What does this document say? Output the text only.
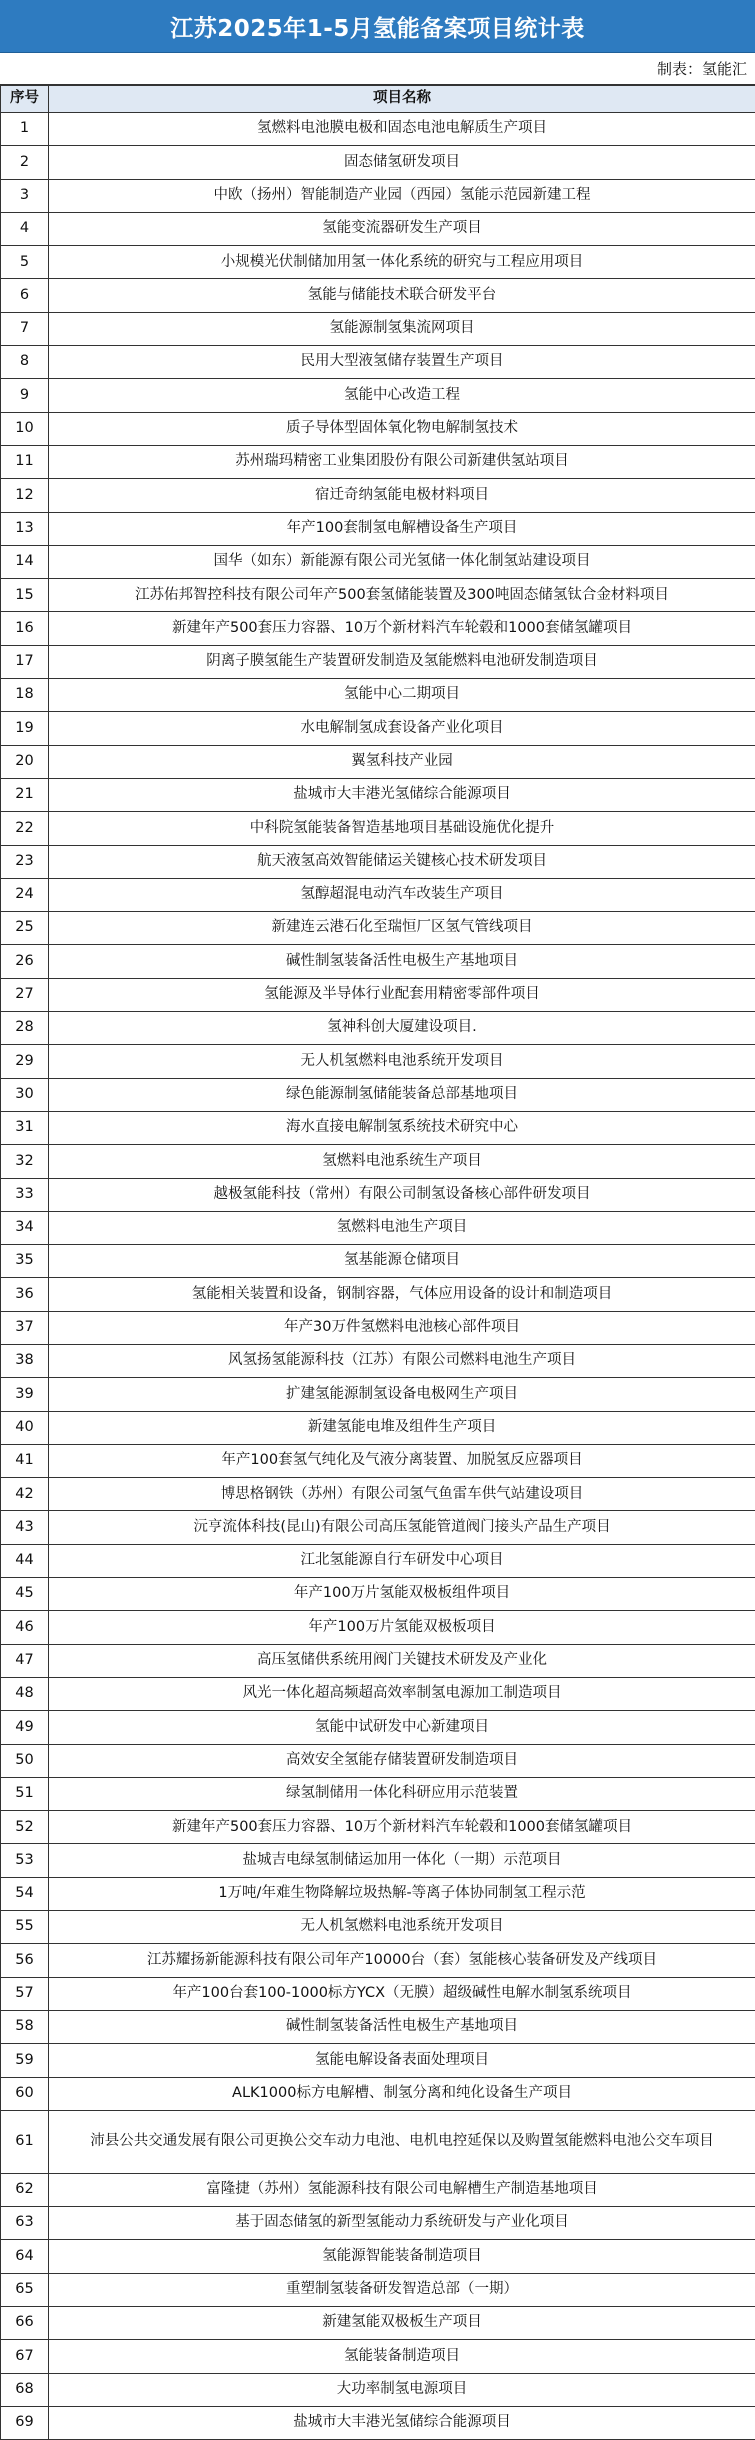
江苏2025年1-5月氢能备案项目统计表
制表：氢能汇
序号	项目名称
1	氢燃料电池膜电极和固态电池电解质生产项目
2	固态储氢研发项目
3	中欧（扬州）智能制造产业园（西园）氢能示范园新建工程
4	氢能变流器研发生产项目
5	小规模光伏制储加用氢一体化系统的研究与工程应用项目
6	氢能与储能技术联合研发平台
7	氢能源制氢集流网项目
8	民用大型液氢储存装置生产项目
9	氢能中心改造工程
10	质子导体型固体氧化物电解制氢技术
11	苏州瑞玛精密工业集团股份有限公司新建供氢站项目
12	宿迁奇纳氢能电极材料项目
13	年产100套制氢电解槽设备生产项目
14	国华（如东）新能源有限公司光氢储一体化制氢站建设项目
15	江苏佑邦智控科技有限公司年产500套氢储能装置及300吨固态储氢钛合金材料项目
16	新建年产500套压力容器、10万个新材料汽车轮毂和1000套储氢罐项目
17	阴离子膜氢能生产装置研发制造及氢能燃料电池研发制造项目
18	氢能中心二期项目
19	水电解制氢成套设备产业化项目
20	翼氢科技产业园
21	盐城市大丰港光氢储综合能源项目
22	中科院氢能装备智造基地项目基础设施优化提升
23	航天液氢高效智能储运关键核心技术研发项目
24	氢醇超混电动汽车改装生产项目
25	新建连云港石化至瑞恒厂区氢气管线项目
26	碱性制氢装备活性电极生产基地项目
27	氢能源及半导体行业配套用精密零部件项目
28	氢神科创大厦建设项目.
29	无人机氢燃料电池系统开发项目
30	绿色能源制氢储能装备总部基地项目
31	海水直接电解制氢系统技术研究中心
32	氢燃料电池系统生产项目
33	越极氢能科技（常州）有限公司制氢设备核心部件研发项目
34	氢燃料电池生产项目
35	氢基能源仓储项目
36	氢能相关装置和设备，钢制容器，气体应用设备的设计和制造项目
37	年产30万件氢燃料电池核心部件项目
38	风氢扬氢能源科技（江苏）有限公司燃料电池生产项目
39	扩建氢能源制氢设备电极网生产项目
40	新建氢能电堆及组件生产项目
41	年产100套氢气纯化及气液分离装置、加脱氢反应器项目
42	博思格钢铁（苏州）有限公司氢气鱼雷车供气站建设项目
43	沅亨流体科技(昆山)有限公司高压氢能管道阀门接头产品生产项目
44	江北氢能源自行车研发中心项目
45	年产100万片氢能双极板组件项目
46	年产100万片氢能双极板项目
47	高压氢储供系统用阀门关键技术研发及产业化
48	风光一体化超高频超高效率制氢电源加工制造项目
49	氢能中试研发中心新建项目
50	高效安全氢能存储装置研发制造项目
51	绿氢制储用一体化科研应用示范装置
52	新建年产500套压力容器、10万个新材料汽车轮毂和1000套储氢罐项目
53	盐城吉电绿氢制储运加用一体化（一期）示范项目
54	1万吨/年难生物降解垃圾热解-等离子体协同制氢工程示范
55	无人机氢燃料电池系统开发项目
56	江苏耀扬新能源科技有限公司年产10000台（套）氢能核心装备研发及产线项目
57	年产100台套100-1000标方YCX（无膜）超级碱性电解水制氢系统项目
58	碱性制氢装备活性电极生产基地项目
59	氢能电解设备表面处理项目
60	ALK1000标方电解槽、制氢分离和纯化设备生产项目
61	沛县公共交通发展有限公司更换公交车动力电池、电机电控延保以及购置氢能燃料电池公交车项目
62	富隆捷（苏州）氢能源科技有限公司电解槽生产制造基地项目
63	基于固态储氢的新型氢能动力系统研发与产业化项目
64	氢能源智能装备制造项目
65	重塑制氢装备研发智造总部（一期）
66	新建氢能双极板生产项目
67	氢能装备制造项目
68	大功率制氢电源项目
69	盐城市大丰港光氢储综合能源项目
